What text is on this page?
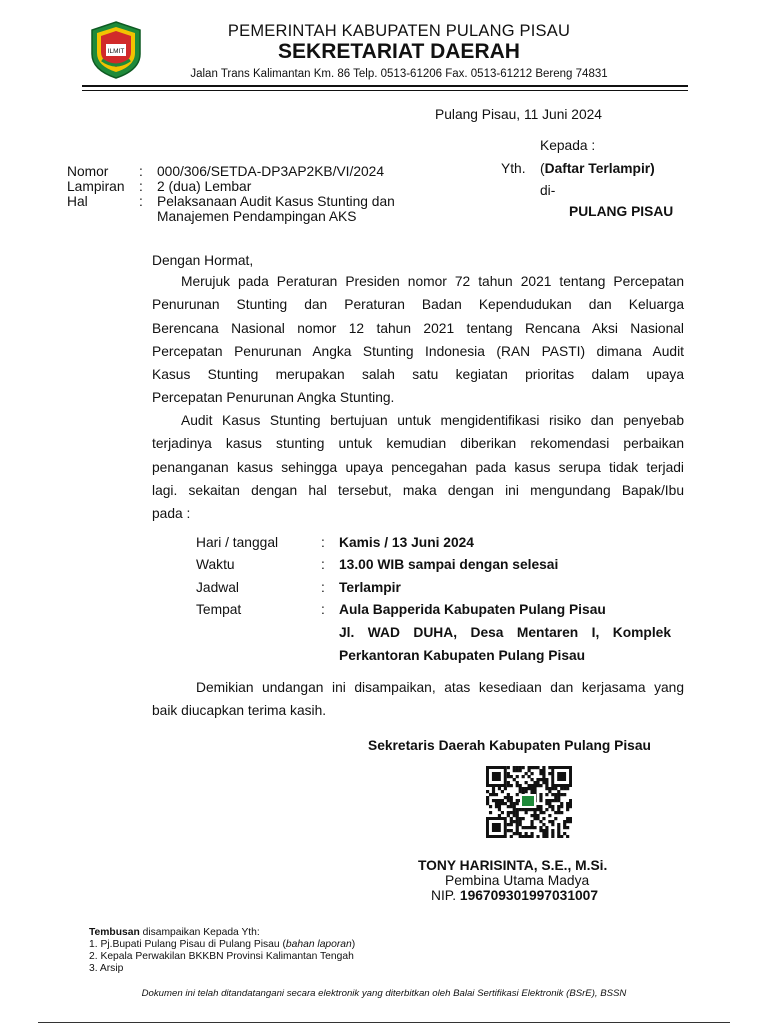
ILMIT
PEMERINTAH KABUPATEN PULANG PISAU
SEKRETARIAT DAERAH
Jalan Trans Kalimantan Km. 86 Telp. 0513-61206 Fax. 0513-61212 Bereng 74831
Pulang Pisau, 11 Juni 2024
Kepada :
Yth. (Daftar Terlampir)
di-
PULANG PISAU
Nomor : 000/306/SETDA-DP3AP2KB/VI/2024
Lampiran : 2 (dua) Lembar
Hal	: Pelaksanaan Audit Kasus Stunting dan
Manajemen Pendampingan AKS
Dengan Hormat,
Merujuk pada Peraturan Presiden nomor 72 tahun 2021 tentang Percepatan
Penurunan Stunting dan Peraturan Badan Kependudukan dan Keluarga
Berencana Nasional nomor 12 tahun 2021 tentang Rencana Aksi Nasional
Percepatan Penurunan Angka Stunting Indonesia (RAN PASTI) dimana Audit
Kasus Stunting merupakan salah satu kegiatan prioritas dalam upaya
Percepatan Penurunan Angka Stunting.
Audit Kasus Stunting bertujuan untuk mengidentifikasi risiko dan penyebab
terjadinya kasus stunting untuk kemudian diberikan rekomendasi perbaikan
penanganan kasus sehingga upaya pencegahan pada kasus serupa tidak terjadi
lagi. sekaitan dengan hal tersebut, maka dengan ini mengundang Bapak/Ibu
pada :
Hari / tanggal	: Kamis / 13 Juni 2024
Waktu	: 13.00 WIB sampai dengan selesai
Jadwal	: Terlampir
Tempat	: Aula Bapperida Kabupaten Pulang Pisau
Jl. WAD DUHA, Desa Mentaren I, Komplek
Perkantoran Kabupaten Pulang Pisau
Demikian undangan ini disampaikan, atas kesediaan dan kerjasama yang
baik diucapkan terima kasih.
Sekretaris Daerah Kabupaten Pulang Pisau
TONY HARISINTA, S.E., M.Si.
Pembina Utama Madya
NIP. 196709301997031007
Tembusan disampaikan Kepada Yth:
1. Pj.Bupati Pulang Pisau di Pulang Pisau (bahan laporan)
2. Kepala Perwakilan BKKBN Provinsi Kalimantan Tengah
3. Arsip
Dokumen ini telah ditandatangani secara elektronik yang diterbitkan oleh Balai Sertifikasi Elektronik (BSrE), BSSN
